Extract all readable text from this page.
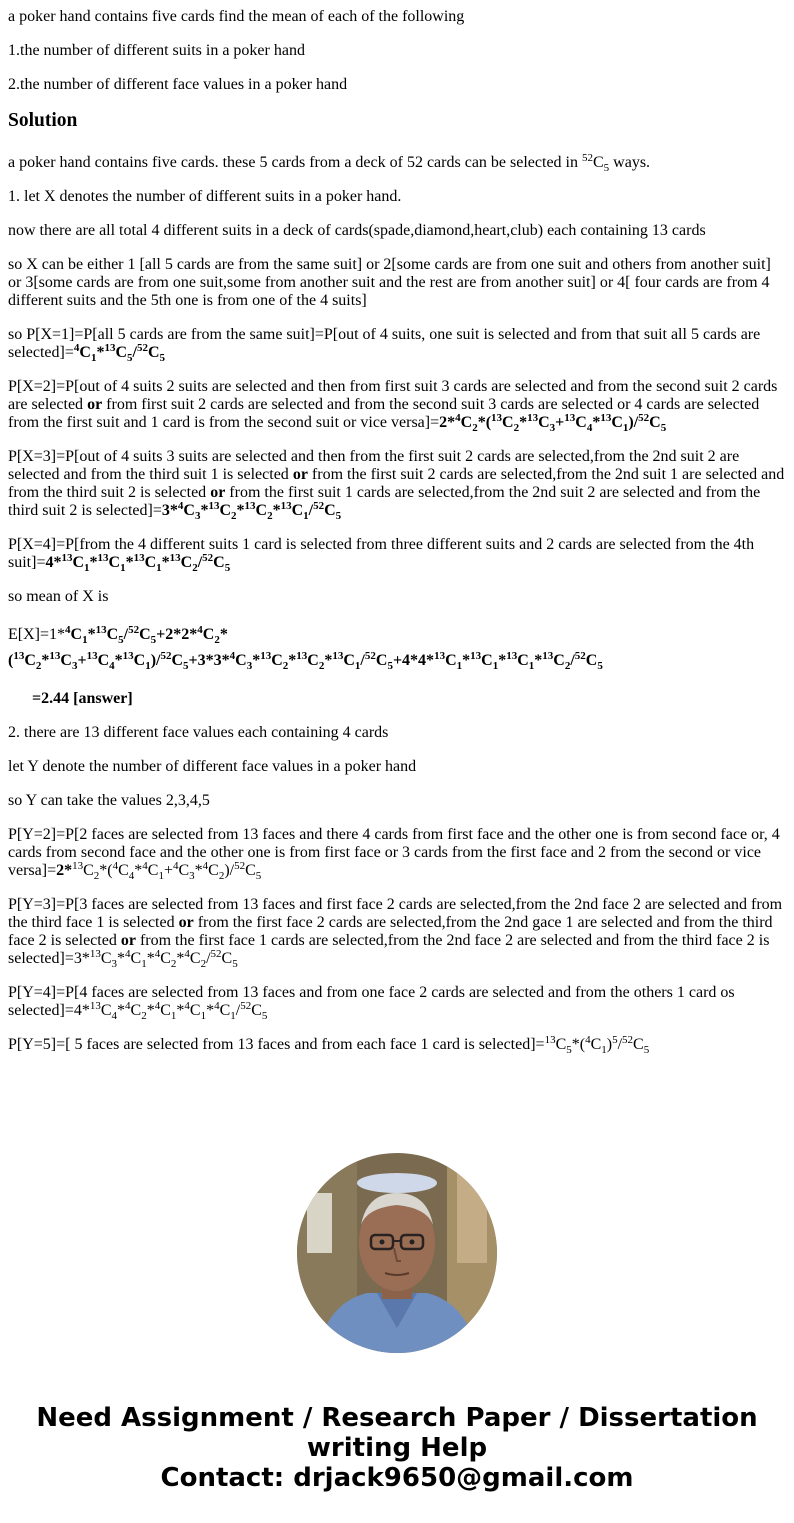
a poker hand contains five cards find the mean of each of the following

1.the number of different suits in a poker hand

2.the number of different face values in a poker hand

Solution

a poker hand contains five cards. these 5 cards from a deck of 52 cards can be selected in $^{52}C_5$ ways.

1. let X denotes the number of different suits in a poker hand.

now there are all total 4 different suits in a deck of cards(spade,diamond,heart,club) each containing 13 cards

so X can be either 1 [all 5 cards are from the same suit] or 2[some cards are from one suit and others from another suit] or 3[some cards are from one suit,some from another suit and the rest are from another suit] or 4[ four cards are from 4 different suits and the 5th one is from one of the 4 suits]

so P[X=1]=P[all 5 cards are from the same suit]=P[out of 4 suits, one suit is selected and from that suit all 5 cards are $selected]=^4C_1*^{13}C_5/^{52}C_5$

P[X=2]=P[out of 4 suits 2 suits are selected and then from first suit 3 cards are selected and from the second suit 2 cards are selected or from first suit 2 cards are selected and from the second suit 3 cards are selected or 4 cards are selected from the first suit and 1 card is from the second suit or vice $versa]=2*^4C_2*(^{13}C_2*^{13}C_3+^{13}C_4*^{13}C_1)/^{52}C_5$

P[X=3]=P[out of 4 suits 3 suits are selected and then from the first suit 2 cards are selected,from the 2nd suit 2 are selected and from the third suit 1 is selected or from the first suit 2 cards are selected,from the 2nd suit 1 are selected and from the third suit 2 is selected or from the first suit 1 cards are selected,from the 2nd suit 2 are selected and from the third suit 2 is $selected]=3*^4C_3*^{13}C_2*^{13}C_2*^{13}C_1/^{52}C_5$

P[X=4]=P[from the 4 different suits 1 card is selected from three different suits and 2 cards are selected from the 4th $suit]=4*^{13}C_1*^{13}C_1*^{13}C_1*^{13}C_2/^{52}C_5$

so mean of X is

$E[X]=1*^4C_1*^{13}C_5/^{52}C_5+2*2*^4C_2*$ $(^{13}C_2*^{13}C_3+^{13}C_4*^{13}C_1)/^{52}C_5+3*3*^4C_3*^{13}C_2*^{13}C_2*^{13}C_1/^{52}C_5+4*4*^{13}C_1*^{13}C_1*^{13}C_1*^{13}C_2/^{52}C_5$

=2.44 [answer]

2. there are 13 different face values each containing 4 cards

let Y denote the number of different face values in a poker hand

so Y can take the values 2,3,4,5

P[Y=2]=P[2 faces are selected from 13 faces and there 4 cards from first face and the other one is from second face or, 4 cards from second face and the other one is from first face or 3 cards from the first face and 2 from the second or vice $versa]=2*^{13}C_2*(^4C_4*^4C_1+^4C_3*^4C_2)/^{52}C_5$

P[Y=3]=P[3 faces are selected from 13 faces and first face 2 cards are selected,from the 2nd face 2 are selected and from the third face 1 is selected or from the first face 2 cards are selected,from the 2nd gace 1 are selected and from the third face 2 is selected or from the first face 1 cards are selected,from the 2nd face 2 are selected and from the third face 2 is $selected]=3*^{13}C_3*^4C_1*^4C_2*^4C_2/^{52}C_5$

P[Y=4]=P[4 faces are selected from 13 faces and from one face 2 cards are selected and from the others 1 card os $selected]=4*^{13}C_4*^4C_2*^4C_1*^4C_1*^4C_1/^{52}C_5$

P[Y=5]=[ 5 faces are selected from 13 faces and from each face 1 card is $selected]=^{13}C_5*(^4C_1)^5/^{52}C_5$

Need Assignment / Research Paper / Dissertation
writing Help
Contact: drjack9650@gmail.com
